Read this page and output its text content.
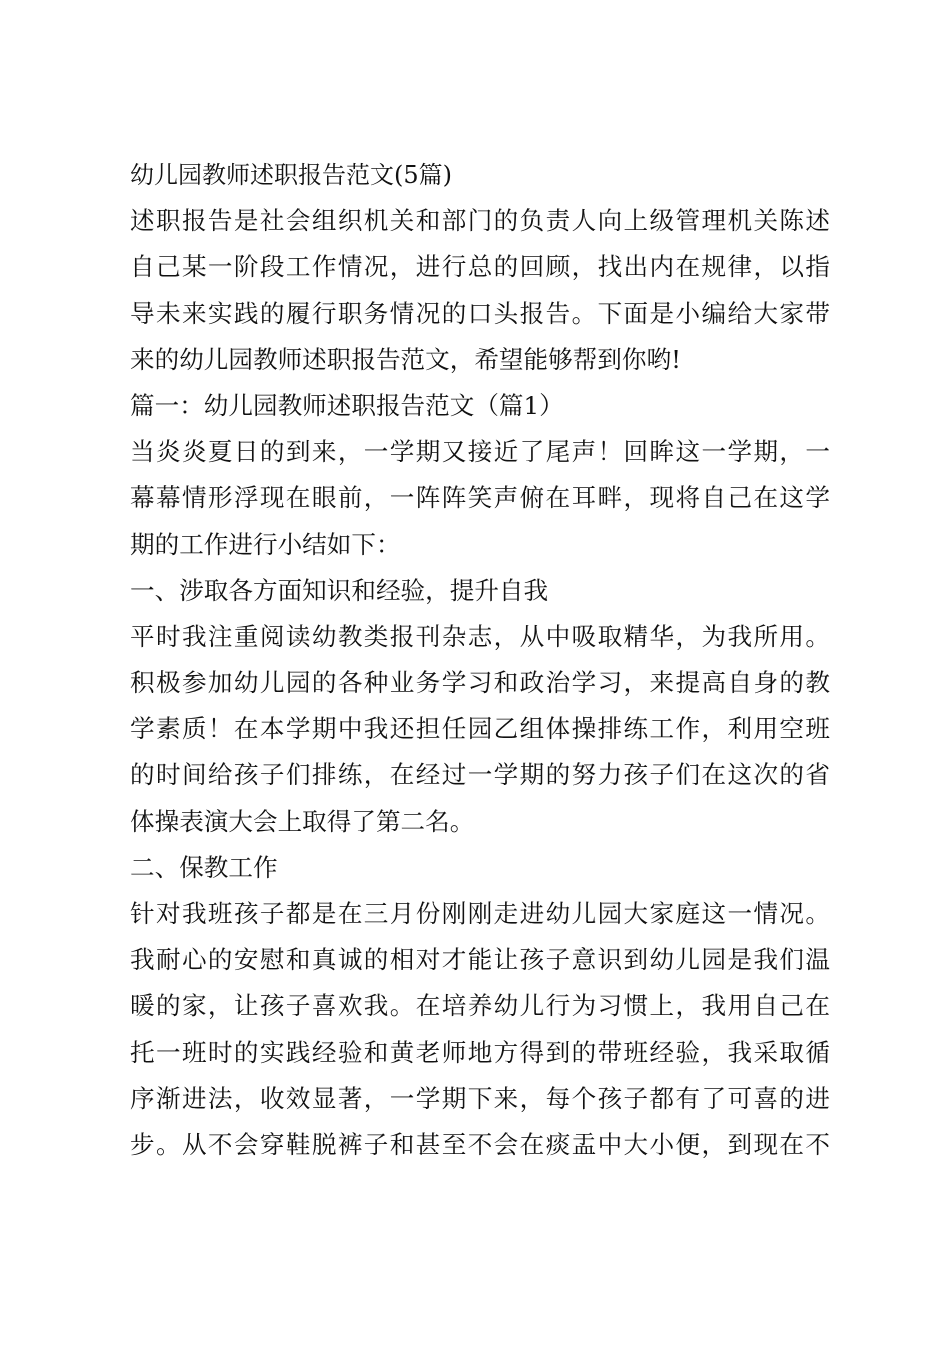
幼儿园教师述职报告范文(5篇)
述职报告是社会组织机关和部门的负责人向上级管理机关陈述
自己某一阶段工作情况，进行总的回顾，找出内在规律，以指
导未来实践的履行职务情况的口头报告。下面是小编给大家带
来的幼儿园教师述职报告范文，希望能够帮到你哟!
篇一：幼儿园教师述职报告范文（篇1）
当炎炎夏日的到来，一学期又接近了尾声！回眸这一学期，一
幕幕情形浮现在眼前，一阵阵笑声俯在耳畔，现将自己在这学
期的工作进行小结如下：
一、涉取各方面知识和经验，提升自我
平时我注重阅读幼教类报刊杂志，从中吸取精华，为我所用。
积极参加幼儿园的各种业务学习和政治学习，来提高自身的教
学素质！在本学期中我还担任园乙组体操排练工作，利用空班
的时间给孩子们排练，在经过一学期的努力孩子们在这次的省
体操表演大会上取得了第二名。
二、保教工作
针对我班孩子都是在三月份刚刚走进幼儿园大家庭这一情况。
我耐心的安慰和真诚的相对才能让孩子意识到幼儿园是我们温
暖的家，让孩子喜欢我。在培养幼儿行为习惯上，我用自己在
托一班时的实践经验和黄老师地方得到的带班经验，我采取循
序渐进法，收效显著，一学期下来，每个孩子都有了可喜的进
步。从不会穿鞋脱裤子和甚至不会在痰盂中大小便，到现在不
